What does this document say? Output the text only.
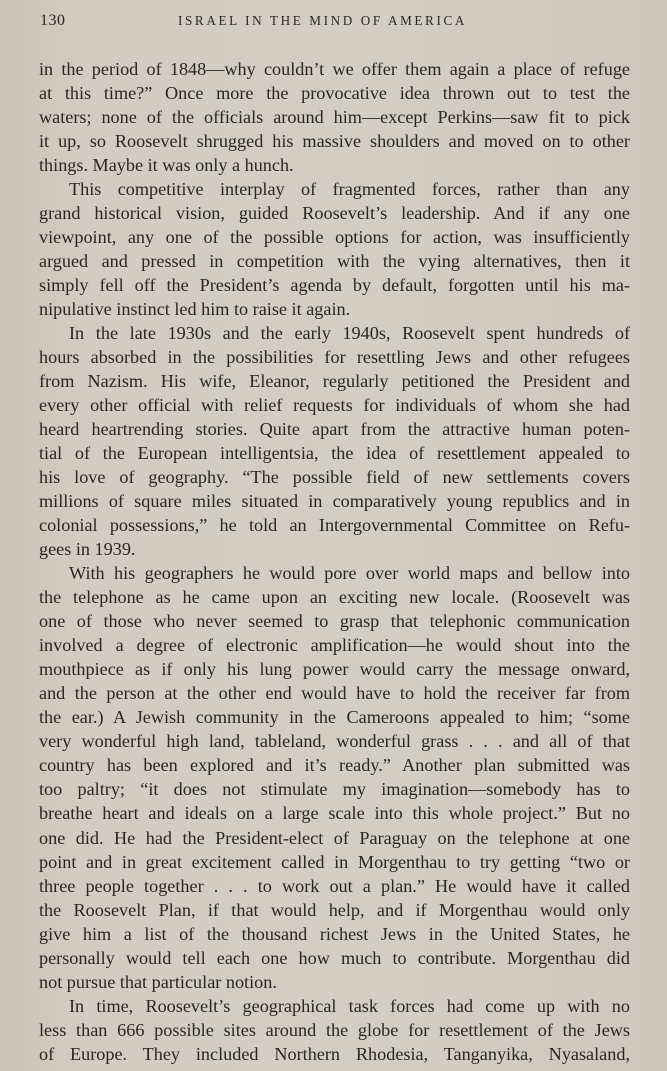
130	ISRAEL IN THE MIND OF AMERICA
in the period of 1848—why couldn’t we offer them again a place of refuge
at this time?” Once more the provocative idea thrown out to test the
waters; none of the officials around him—except Perkins—saw fit to pick
it up, so Roosevelt shrugged his massive shoulders and moved on to other
things. Maybe it was only a hunch.
This competitive interplay of fragmented forces, rather than any
grand historical vision, guided Roosevelt’s leadership. And if any one
viewpoint, any one of the possible options for action, was insufficiently
argued and pressed in competition with the vying alternatives, then it
simply fell off the President’s agenda by default, forgotten until his ma-
nipulative instinct led him to raise it again.
In the late 1930s and the early 1940s, Roosevelt spent hundreds of
hours absorbed in the possibilities for resettling Jews and other refugees
from Nazism. His wife, Eleanor, regularly petitioned the President and
every other official with relief requests for individuals of whom she had
heard heartrending stories. Quite apart from the attractive human poten-
tial of the European intelligentsia, the idea of resettlement appealed to
his love of geography. “The possible field of new settlements covers
millions of square miles situated in comparatively young republics and in
colonial possessions,” he told an Intergovernmental Committee on Refu-
gees in 1939.
With his geographers he would pore over world maps and bellow into
the telephone as he came upon an exciting new locale. (Roosevelt was
one of those who never seemed to grasp that telephonic communication
involved a degree of electronic amplification—he would shout into the
mouthpiece as if only his lung power would carry the message onward,
and the person at the other end would have to hold the receiver far from
the ear.) A Jewish community in the Cameroons appealed to him; “some
very wonderful high land, tableland, wonderful grass . . . and all of that
country has been explored and it’s ready.” Another plan submitted was
too paltry; “it does not stimulate my imagination—somebody has to
breathe heart and ideals on a large scale into this whole project.” But no
one did. He had the President-elect of Paraguay on the telephone at one
point and in great excitement called in Morgenthau to try getting “two or
three people together . . . to work out a plan.” He would have it called
the Roosevelt Plan, if that would help, and if Morgenthau would only
give him a list of the thousand richest Jews in the United States, he
personally would tell each one how much to contribute. Morgenthau did
not pursue that particular notion.
In time, Roosevelt’s geographical task forces had come up with no
less than 666 possible sites around the globe for resettlement of the Jews
of Europe. They included Northern Rhodesia, Tanganyika, Nyasaland,
